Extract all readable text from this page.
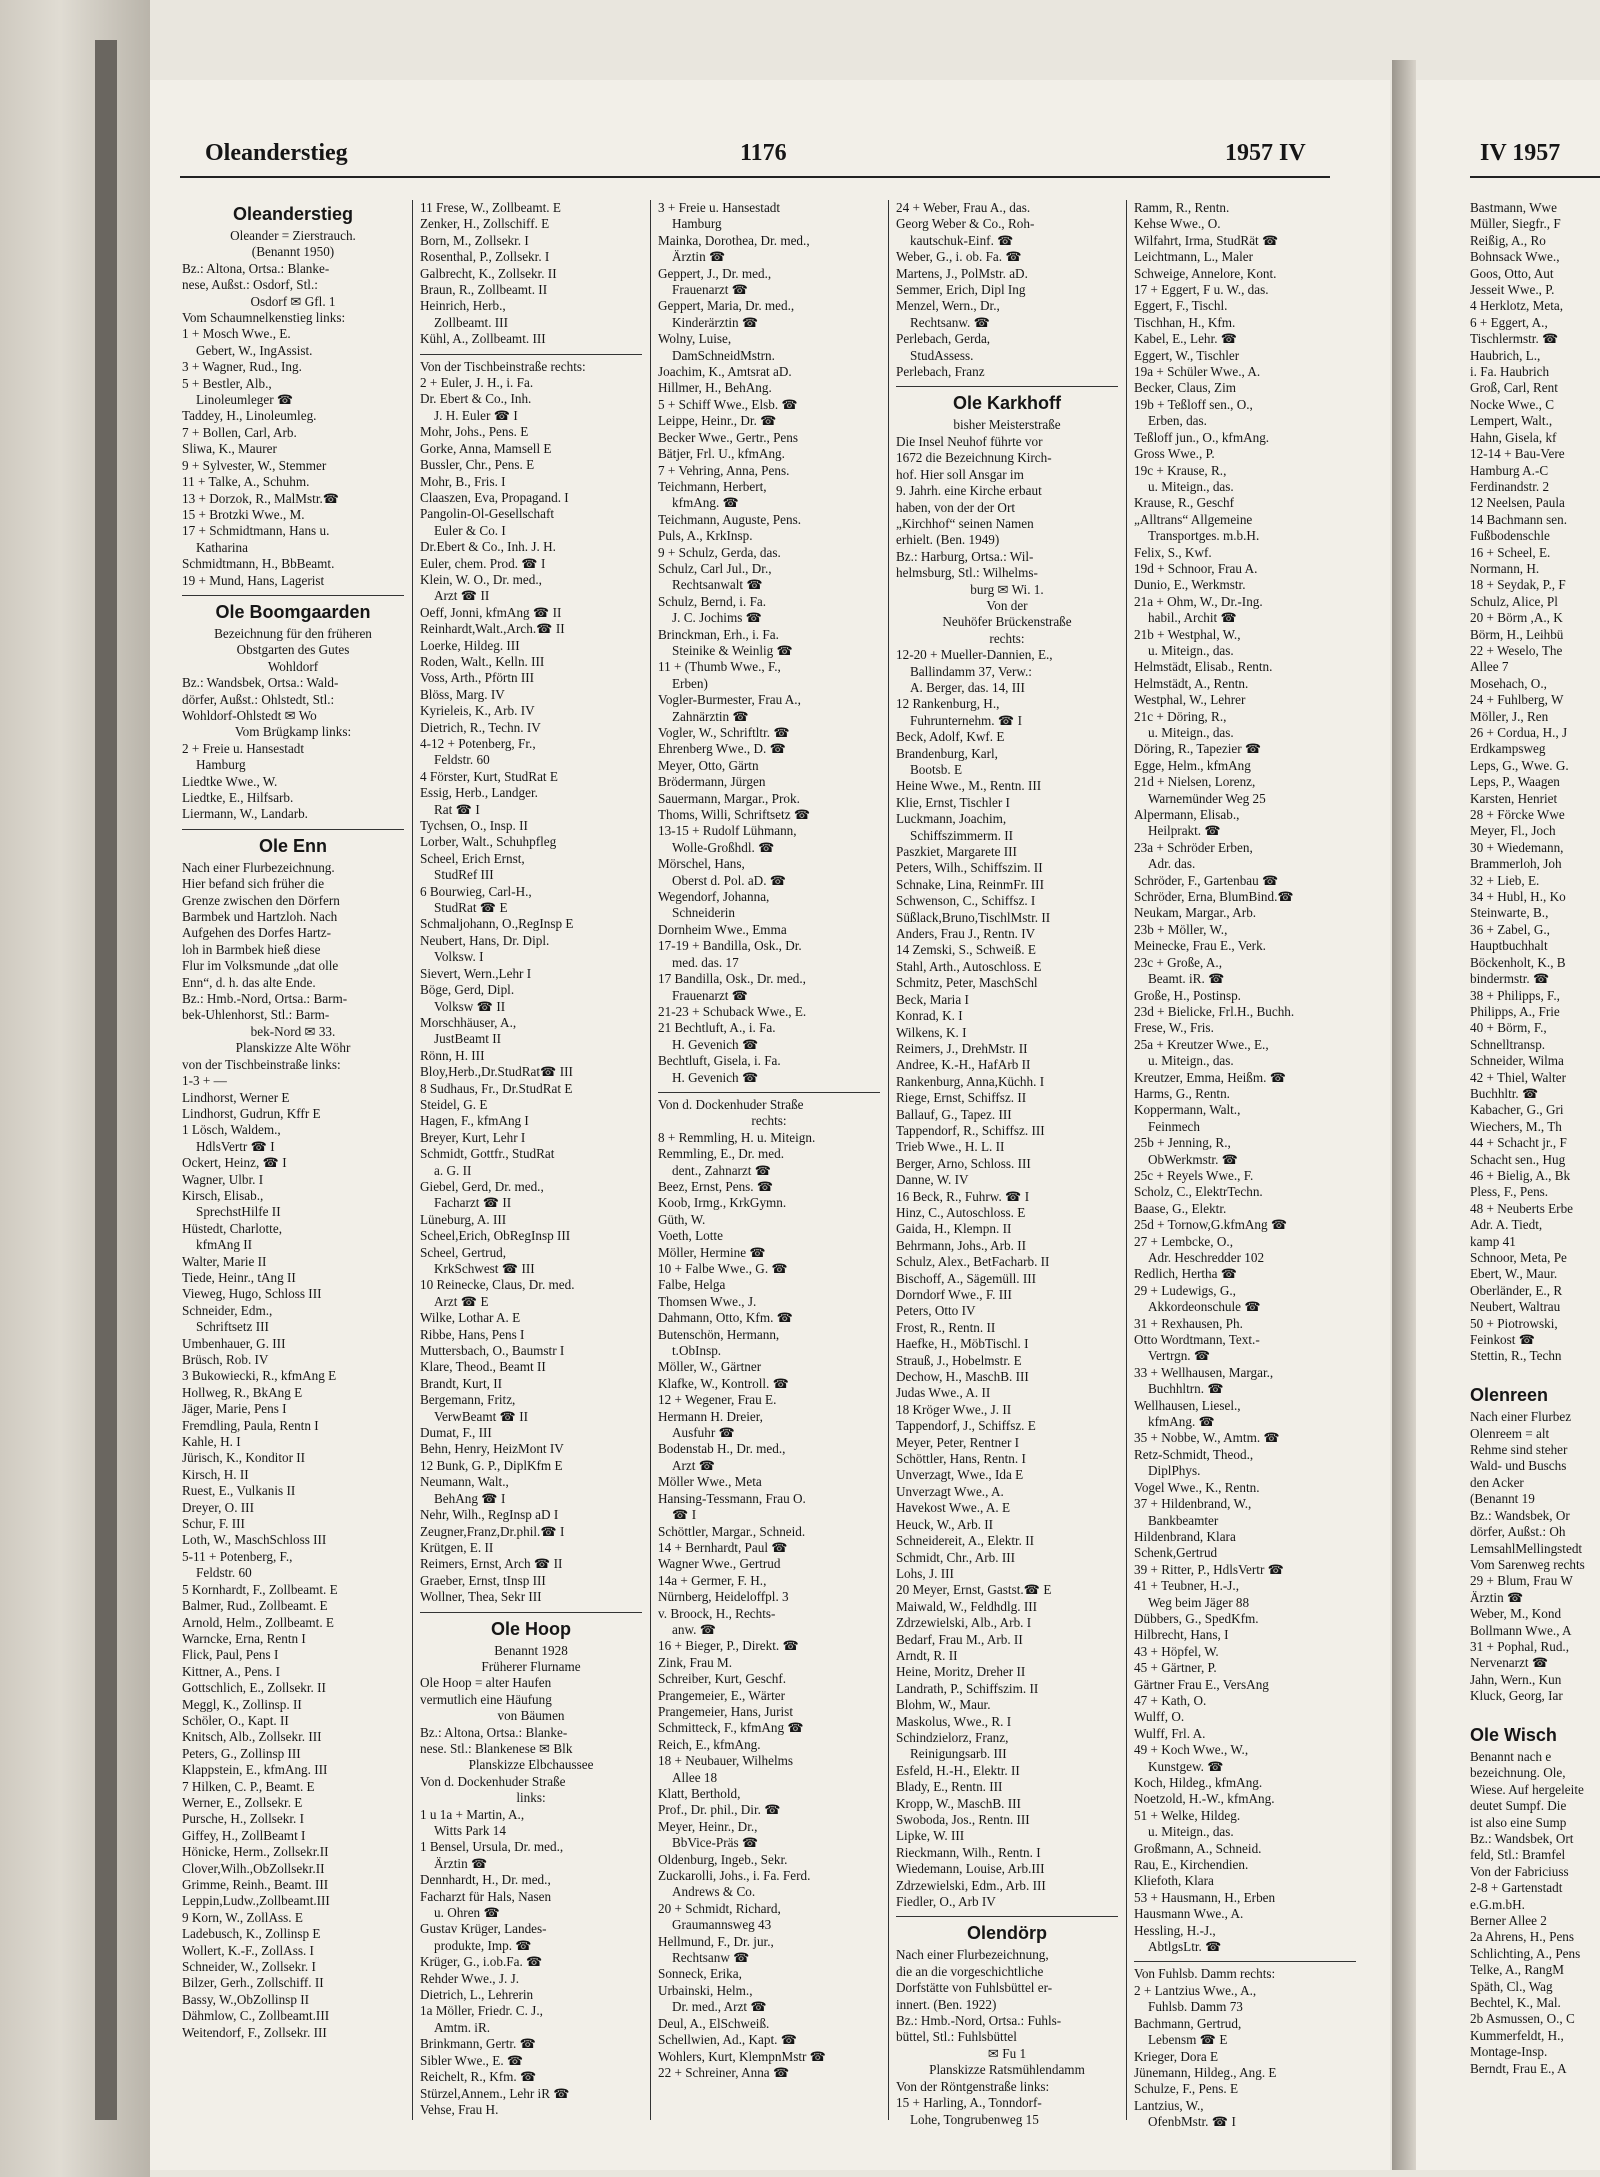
Oleanderstieg	1176	1957 IV	IV 1957
Oleanderstieg
Oleander = Zierstrauch.
(Benannt 1950)
Bz.: Altona, Ortsa.: Blanke-
nese, Außst.: Osdorf, Stl.:
Osdorf ✉ Gfl. 1
Vom Schaumnelkenstieg links:
1 + Mosch Wwe., E.
Gebert, W., IngAssist.
3 + Wagner, Rud., Ing.
5 + Bestler, Alb.,
Linoleumleger ☎
Taddey, H., Linoleumleg.
7 + Bollen, Carl, Arb.
Sliwa, K., Maurer
9 + Sylvester, W., Stemmer
11 + Talke, A., Schuhm.
13 + Dorzok, R., MalMstr.☎
15 + Brotzki Wwe., M.
17 + Schmidtmann, Hans u.
Katharina
Schmidtmann, H., BbBeamt.
19 + Mund, Hans, Lagerist
Ole Boomgaarden
Bezeichnung für den früheren
Obstgarten des Gutes
Wohldorf
Bz.: Wandsbek, Ortsa.: Wald-
dörfer, Außst.: Ohlstedt, Stl.:
Wohldorf-Ohlstedt ✉ Wo
Vom Brügkamp links:
2 + Freie u. Hansestadt
Hamburg
Liedtke Wwe., W.
Liedtke, E., Hilfsarb.
Liermann, W., Landarb.
Ole Enn
Nach einer Flurbezeichnung.
Hier befand sich früher die
Grenze zwischen den Dörfern
Barmbek und Hartzloh. Nach
Aufgehen des Dorfes Hartz-
loh in Barmbek hieß diese
Flur im Volksmunde „dat olle
Enn“, d. h. das alte Ende.
Bz.: Hmb.-Nord, Ortsa.: Barm-
bek-Uhlenhorst, Stl.: Barm-
bek-Nord ✉ 33.
Planskizze Alte Wöhr
von der Tischbeinstraße links:
1-3 + —
Lindhorst, Werner E
Lindhorst, Gudrun, Kffr E
1 Lösch, Waldem.,
HdlsVertr ☎ I
Ockert, Heinz, ☎ I
Wagner, Ulbr. I
Kirsch, Elisab.,
SprechstHilfe II
Hüstedt, Charlotte,
kfmAng II
Walter, Marie II
Tiede, Heinr., tAng II
Vieweg, Hugo, Schloss III
Schneider, Edm.,
Schriftsetz III
Umbenhauer, G. III
Brüsch, Rob. IV
3 Bukowiecki, R., kfmAng E
Hollweg, R., BkAng E
Jäger, Marie, Pens I
Fremdling, Paula, Rentn I
Kahle, H. I
Jürisch, K., Konditor II
Kirsch, H. II
Ruest, E., Vulkanis II
Dreyer, O. III
Schur, F. III
Loth, W., MaschSchloss III
5-11 + Potenberg, F.,
Feldstr. 60
5 Kornhardt, F., Zollbeamt. E
Balmer, Rud., Zollbeamt. E
Arnold, Helm., Zollbeamt. E
Warncke, Erna, Rentn I
Flick, Paul, Pens I
Kittner, A., Pens. I
Gottschlich, E., Zollsekr. II
Meggl, K., Zollinsp. II
Schöler, O., Kapt. II
Knitsch, Alb., Zollsekr. III
Peters, G., Zollinsp III
Klappstein, E., kfmAng. III
7 Hilken, C. P., Beamt. E
Werner, E., Zollsekr. E
Pursche, H., Zollsekr. I
Giffey, H., ZollBeamt I
Hönicke, Herm., Zollsekr.II
Clover,Wilh.,ObZollsekr.II
Grimme, Reinh., Beamt. III
Leppin,Ludw.,Zollbeamt.III
9 Korn, W., ZollAss. E
Ladebusch, K., Zollinsp E
Wollert, K.-F., ZollAss. I
Schneider, W., Zollsekr. I
Bilzer, Gerh., Zollschiff. II
Bassy, W.,ObZollinsp II
Dähmlow, C., Zollbeamt.III
Weitendorf, F., Zollsekr. III
11 Frese, W., Zollbeamt. E
Zenker, H., Zollschiff. E
Born, M., Zollsekr. I
Rosenthal, P., Zollsekr. I
Galbrecht, K., Zollsekr. II
Braun, R., Zollbeamt. II
Heinrich, Herb.,
Zollbeamt. III
Kühl, A., Zollbeamt. III
Von der Tischbeinstraße rechts:
2 + Euler, J. H., i. Fa.
Dr. Ebert & Co., Inh.
J. H. Euler ☎ I
Mohr, Johs., Pens. E
Gorke, Anna, Mamsell E
Bussler, Chr., Pens. E
Mohr, B., Fris. I
Claaszen, Eva, Propagand. I
Pangolin-Ol-Gesellschaft
Euler & Co. I
Dr.Ebert & Co., Inh. J. H.
Euler, chem. Prod. ☎ I
Klein, W. O., Dr. med.,
Arzt ☎ II
Oeff, Jonni, kfmAng ☎ II
Reinhardt,Walt.,Arch.☎ II
Loerke, Hildeg. III
Roden, Walt., Kelln. III
Voss, Arth., Pförtn III
Blöss, Marg. IV
Kyrieleis, K., Arb. IV
Dietrich, R., Techn. IV
4-12 + Potenberg, Fr.,
Feldstr. 60
4 Förster, Kurt, StudRat E
Essig, Herb., Landger.
Rat ☎ I
Tychsen, O., Insp. II
Lorber, Walt., Schuhpfleg
Scheel, Erich Ernst,
StudRef III
6 Bourwieg, Carl-H.,
StudRat ☎ E
Schmaljohann, O.,RegInsp E
Neubert, Hans, Dr. Dipl.
Volksw. I
Sievert, Wern.,Lehr I
Böge, Gerd, Dipl.
Volksw ☎ II
Morschhäuser, A.,
JustBeamt II
Rönn, H. III
Bloy,Herb.,Dr.StudRat☎ III
8 Sudhaus, Fr., Dr.StudRat E
Steidel, G. E
Hagen, F., kfmAng I
Breyer, Kurt, Lehr I
Schmidt, Gottfr., StudRat
a. G. II
Giebel, Gerd, Dr. med.,
Facharzt ☎ II
Lüneburg, A. III
Scheel,Erich, ObRegInsp III
Scheel, Gertrud,
KrkSchwest ☎ III
10 Reinecke, Claus, Dr. med.
Arzt ☎ E
Wilke, Lothar A. E
Ribbe, Hans, Pens I
Muttersbach, O., Baumstr I
Klare, Theod., Beamt II
Brandt, Kurt, II
Bergemann, Fritz,
VerwBeamt ☎ II
Dumat, F., III
Behn, Henry, HeizMont IV
12 Bunk, G. P., DiplKfm E
Neumann, Walt.,
BehAng ☎ I
Nehr, Wilh., RegInsp aD I
Zeugner,Franz,Dr.phil.☎ I
Krütgen, E. II
Reimers, Ernst, Arch ☎ II
Graeber, Ernst, tInsp III
Wollner, Thea, Sekr III
Ole Hoop
Benannt 1928
Früherer Flurname
Ole Hoop = alter Haufen
vermutlich eine Häufung
von Bäumen
Bz.: Altona, Ortsa.: Blanke-
nese. Stl.: Blankenese ✉ Blk
Planskizze Elbchaussee
Von d. Dockenhuder Straße
links:
1 u 1a + Martin, A.,
Witts Park 14
1 Bensel, Ursula, Dr. med.,
Ärztin ☎
Dennhardt, H., Dr. med.,
Facharzt für Hals, Nasen
u. Ohren ☎
Gustav Krüger, Landes-
produkte, Imp. ☎
Krüger, G., i.ob.Fa. ☎
Rehder Wwe., J. J.
Dietrich, L., Lehrerin
1a Möller, Friedr. C. J.,
Amtm. iR.
Brinkmann, Gertr. ☎
Sibler Wwe., E. ☎
Reichelt, R., Kfm. ☎
Stürzel,Annem., Lehr iR ☎
Vehse, Frau H.
3 + Freie u. Hansestadt
Hamburg
Mainka, Dorothea, Dr. med.,
Ärztin ☎
Geppert, J., Dr. med.,
Frauenarzt ☎
Geppert, Maria, Dr. med.,
Kinderärztin ☎
Wolny, Luise,
DamSchneidMstrn.
Joachim, K., Amtsrat aD.
Hillmer, H., BehAng.
5 + Schiff Wwe., Elsb. ☎
Leippe, Heinr., Dr. ☎
Becker Wwe., Gertr., Pens
Bätjer, Frl. U., kfmAng.
7 + Vehring, Anna, Pens.
Teichmann, Herbert,
kfmAng. ☎
Teichmann, Auguste, Pens.
Puls, A., KrkInsp.
9 + Schulz, Gerda, das.
Schulz, Carl Jul., Dr.,
Rechtsanwalt ☎
Schulz, Bernd, i. Fa.
J. C. Jochims ☎
Brinckman, Erh., i. Fa.
Steinike & Weinlig ☎
11 + (Thumb Wwe., F.,
Erben)
Vogler-Burmester, Frau A.,
Zahnärztin ☎
Vogler, W., Schriftltr. ☎
Ehrenberg Wwe., D. ☎
Meyer, Otto, Gärtn
Brödermann, Jürgen
Sauermann, Margar., Prok.
Thoms, Willi, Schriftsetz ☎
13-15 + Rudolf Lühmann,
Wolle-Großhdl. ☎
Mörschel, Hans,
Oberst d. Pol. aD. ☎
Wegendorf, Johanna,
Schneiderin
Dornheim Wwe., Emma
17-19 + Bandilla, Osk., Dr.
med. das. 17
17 Bandilla, Osk., Dr. med.,
Frauenarzt ☎
21-23 + Schuback Wwe., E.
21 Bechtluft, A., i. Fa.
H. Gevenich ☎
Bechtluft, Gisela, i. Fa.
H. Gevenich ☎
Von d. Dockenhuder Straße
rechts:
8 + Remmling, H. u. Miteign.
Remmling, E., Dr. med.
dent., Zahnarzt ☎
Beez, Ernst, Pens. ☎
Koob, Irmg., KrkGymn.
Güth, W.
Voeth, Lotte
Möller, Hermine ☎
10 + Falbe Wwe., G. ☎
Falbe, Helga
Thomsen Wwe., J.
Dahmann, Otto, Kfm. ☎
Butenschön, Hermann,
t.ObInsp.
Möller, W., Gärtner
Klafke, W., Kontroll. ☎
12 + Wegener, Frau E.
Hermann H. Dreier,
Ausfuhr ☎
Bodenstab H., Dr. med.,
Arzt ☎
Möller Wwe., Meta
Hansing-Tessmann, Frau O.
☎ I
Schöttler, Margar., Schneid.
14 + Bernhardt, Paul ☎
Wagner Wwe., Gertrud
14a + Germer, F. H.,
Nürnberg, Heideloffpl. 3
v. Broock, H., Rechts-
anw. ☎
16 + Bieger, P., Direkt. ☎
Zink, Frau M.
Schreiber, Kurt, Geschf.
Prangemeier, E., Wärter
Prangemeier, Hans, Jurist
Schmitteck, F., kfmAng ☎
Reich, E., kfmAng.
18 + Neubauer, Wilhelms
Allee 18
Klatt, Berthold,
Prof., Dr. phil., Dir. ☎
Meyer, Heinr., Dr.,
BbVice-Präs ☎
Oldenburg, Ingeb., Sekr.
Zuckarolli, Johs., i. Fa. Ferd.
Andrews & Co.
20 + Schmidt, Richard,
Graumannsweg 43
Hellmund, F., Dr. jur.,
Rechtsanw ☎
Sonneck, Erika,
Urbainski, Helm.,
Dr. med., Arzt ☎
Deul, A., ElSchweiß.
Schellwien, Ad., Kapt. ☎
Wohlers, Kurt, KlempnMstr ☎
22 + Schreiner, Anna ☎
24 + Weber, Frau A., das.
Georg Weber & Co., Roh-
kautschuk-Einf. ☎
Weber, G., i. ob. Fa. ☎
Martens, J., PolMstr. aD.
Semmer, Erich, Dipl Ing
Menzel, Wern., Dr.,
Rechtsanw. ☎
Perlebach, Gerda,
StudAssess.
Perlebach, Franz
Ole Karkhoff
bisher Meisterstraße
Die Insel Neuhof führte vor
1672 die Bezeichnung Kirch-
hof. Hier soll Ansgar im
9. Jahrh. eine Kirche erbaut
haben, von der der Ort
„Kirchhof“ seinen Namen
erhielt. (Ben. 1949)
Bz.: Harburg, Ortsa.: Wil-
helmsburg, Stl.: Wilhelms-
burg ✉ Wi. 1.
Von der
Neuhöfer Brückenstraße
rechts:
12-20 + Mueller-Dannien, E.,
Ballindamm 37, Verw.:
A. Berger, das. 14, III
12 Rankenburg, H.,
Fuhrunternehm. ☎ I
Beck, Adolf, Kwf. E
Brandenburg, Karl,
Bootsb. E
Heine Wwe., M., Rentn. III
Klie, Ernst, Tischler I
Luckmann, Joachim,
Schiffszimmerm. II
Paszkiet, Margarete III
Peters, Wilh., Schiffszim. II
Schnake, Lina, ReinmFr. III
Schwenson, C., Schiffsz. I
Süßlack,Bruno,TischlMstr. II
Anders, Frau J., Rentn. IV
14 Zemski, S., Schweiß. E
Stahl, Arth., Autoschloss. E
Schmitz, Peter, MaschSchl
Beck, Maria I
Konrad, K. I
Wilkens, K. I
Reimers, J., DrehMstr. II
Andree, K.-H., HafArb II
Rankenburg, Anna,Küchh. I
Riege, Ernst, Schiffsz. II
Ballauf, G., Tapez. III
Tappendorf, R., Schiffsz. III
Trieb Wwe., H. L. II
Berger, Arno, Schloss. III
Danne, W. IV
16 Beck, R., Fuhrw. ☎ I
Hinz, C., Autoschloss. E
Gaida, H., Klempn. II
Behrmann, Johs., Arb. II
Schulz, Alex., BetFacharb. II
Bischoff, A., Sägemüll. III
Dorndorf Wwe., F. III
Peters, Otto IV
Frost, R., Rentn. II
Haefke, H., MöbTischl. I
Strauß, J., Hobelmstr. E
Dechow, H., MaschB. III
Judas Wwe., A. II
18 Kröger Wwe., J. II
Tappendorf, J., Schiffsz. E
Meyer, Peter, Rentner I
Schöttler, Hans, Rentn. I
Unverzagt, Wwe., Ida E
Unverzagt Wwe., A.
Havekost Wwe., A. E
Heuck, W., Arb. II
Schneidereit, A., Elektr. II
Schmidt, Chr., Arb. III
Lohs, J. III
20 Meyer, Ernst, Gastst.☎ E
Maiwald, W., Feldhdlg. III
Zdrzewielski, Alb., Arb. I
Bedarf, Frau M., Arb. II
Arndt, R. II
Heine, Moritz, Dreher II
Landrath, P., Schiffszim. II
Blohm, W., Maur.
Maskolus, Wwe., R. I
Schindzielorz, Franz,
Reinigungsarb. III
Esfeld, H.-H., Elektr. II
Blady, E., Rentn. III
Kropp, W., MaschB. III
Swoboda, Jos., Rentn. III
Lipke, W. III
Rieckmann, Wilh., Rentn. I
Wiedemann, Louise, Arb.III
Zdrzewielski, Edm., Arb. III
Fiedler, O., Arb IV
Olendörp
Nach einer Flurbezeichnung,
die an die vorgeschichtliche
Dorfstätte von Fuhlsbüttel er-
innert. (Ben. 1922)
Bz.: Hmb.-Nord, Ortsa.: Fuhls-
büttel, Stl.: Fuhlsbüttel
✉ Fu 1
Planskizze Ratsmühlendamm
Von der Röntgenstraße links:
15 + Harling, A., Tonndorf-
Lohe, Tongrubenweg 15
Ramm, R., Rentn.
Kehse Wwe., O.
Wilfahrt, Irma, StudRät ☎
Leichtmann, L., Maler
Schweige, Annelore, Kont.
17 + Eggert, F u. W., das.
Eggert, F., Tischl.
Tischhan, H., Kfm.
Kabel, E., Lehr. ☎
Eggert, W., Tischler
19a + Schüler Wwe., A.
Becker, Claus, Zim
19b + Teßloff sen., O.,
Erben, das.
Teßloff jun., O., kfmAng.
Gross Wwe., P.
19c + Krause, R.,
u. Miteign., das.
Krause, R., Geschf
„Alltrans“ Allgemeine
Transportges. m.b.H.
Felix, S., Kwf.
19d + Schnoor, Frau A.
Dunio, E., Werkmstr.
21a + Ohm, W., Dr.-Ing.
habil., Archit ☎
21b + Westphal, W.,
u. Miteign., das.
Helmstädt, Elisab., Rentn.
Helmstädt, A., Rentn.
Westphal, W., Lehrer
21c + Döring, R.,
u. Miteign., das.
Döring, R., Tapezier ☎
Egge, Helm., kfmAng
21d + Nielsen, Lorenz,
Warnemünder Weg 25
Alpermann, Elisab.,
Heilprakt. ☎
23a + Schröder Erben,
Adr. das.
Schröder, F., Gartenbau ☎
Schröder, Erna, BlumBind.☎
Neukam, Margar., Arb.
23b + Möller, W.,
Meinecke, Frau E., Verk.
23c + Große, A.,
Beamt. iR. ☎
Große, H., Postinsp.
23d + Bielicke, Frl.H., Buchh.
Frese, W., Fris.
25a + Kreutzer Wwe., E.,
u. Miteign., das.
Kreutzer, Emma, Heißm. ☎
Harms, G., Rentn.
Koppermann, Walt.,
Feinmech
25b + Jenning, R.,
ObWerkmstr. ☎
25c + Reyels Wwe., F.
Scholz, C., ElektrTechn.
Baase, G., Elektr.
25d + Tornow,G.kfmAng ☎
27 + Lembcke, O.,
Adr. Heschredder 102
Redlich, Hertha ☎
29 + Ludewigs, G.,
Akkordeonschule ☎
31 + Rexhausen, Ph.
Otto Wordtmann, Text.-
Vertrgn. ☎
33 + Wellhausen, Margar.,
Buchhltrn. ☎
Wellhausen, Liesel.,
kfmAng. ☎
35 + Nobbe, W., Amtm. ☎
Retz-Schmidt, Theod.,
DiplPhys.
Vogel Wwe., K., Rentn.
37 + Hildenbrand, W.,
Bankbeamter
Hildenbrand, Klara
Schenk,Gertrud
39 + Ritter, P., HdlsVertr ☎
41 + Teubner, H.-J.,
Weg beim Jäger 88
Dübbers, G., SpedKfm.
Hilbrecht, Hans, I
43 + Höpfel, W.
45 + Gärtner, P.
Gärtner Frau E., VersAng
47 + Kath, O.
Wulff, O.
Wulff, Frl. A.
49 + Koch Wwe., W.,
Kunstgew. ☎
Koch, Hildeg., kfmAng.
Noetzold, H.-W., kfmAng.
51 + Welke, Hildeg.
u. Miteign., das.
Großmann, A., Schneid.
Rau, E., Kirchendien.
Kliefoth, Klara
53 + Hausmann, H., Erben
Hausmann Wwe., A.
Hessling, H.-J.,
AbtlgsLtr. ☎
Von Fuhlsb. Damm rechts:
2 + Lantzius Wwe., A.,
Fuhlsb. Damm 73
Bachmann, Gertrud,
Lebensm ☎ E
Krieger, Dora E
Jünemann, Hildeg., Ang. E
Schulze, F., Pens. E
Lantzius, W.,
OfenbMstr. ☎ I
Bastmann, Wwe
Müller, Siegfr., F
Reißig, A., Ro
Bohnsack Wwe.,
Goos, Otto, Aut
Jesseit Wwe., P.
4 Herklotz, Meta,
6 + Eggert, A.,
Tischlermstr. ☎
Haubrich, L.,
i. Fa. Haubrich
Groß, Carl, Rent
Nocke Wwe., C
Lempert, Walt.,
Hahn, Gisela, kf
12-14 + Bau-Vere
Hamburg A.-C
Ferdinandstr. 2
12 Neelsen, Paula
14 Bachmann sen.
Fußbodenschle
16 + Scheel, E.
Normann, H.
18 + Seydak, P., F
Schulz, Alice, Pl
20 + Börm ,A., K
Börm, H., Leihbü
22 + Weselo, The
Allee 7
Mosehach, O.,
24 + Fuhlberg, W
Möller, J., Ren
26 + Cordua, H., J
Erdkampsweg
Leps, G., Wwe. G.
Leps, P., Waagen
Karsten, Henriet
28 + Förcke Wwe
Meyer, Fl., Joch
30 + Wiedemann,
Brammerloh, Joh
32 + Lieb, E.
34 + Hubl, H., Ko
Steinwarte, B.,
36 + Zabel, G.,
Hauptbuchhalt
Böckenholt, K., B
bindermstr. ☎
38 + Philipps, F.,
Philipps, A., Frie
40 + Börm, F.,
Schnelltransp.
Schneider, Wilma
42 + Thiel, Walter
Buchhltr. ☎
Kabacher, G., Gri
Wiechers, M., Th
44 + Schacht jr., F
Schacht sen., Hug
46 + Bielig, A., Bk
Pless, F., Pens.
48 + Neuberts Erbe
Adr. A. Tiedt,
kamp 41
Schnoor, Meta, Pe
Ebert, W., Maur.
Oberländer, E., R
Neubert, Waltrau
50 + Piotrowski,
Feinkost ☎
Stettin, R., Techn

Olenreen
Nach einer Flurbez
Olenreem = alt
Rehme sind steher
Wald- und Buschs
den Acker
(Benannt 19
Bz.: Wandsbek, Or
dörfer, Außst.: Oh
LemsahlMellingstedt
Vom Sarenweg rechts
29 + Blum, Frau W
Ärztin ☎
Weber, M., Kond
Bollmann Wwe., A
31 + Pophal, Rud.,
Nervenarzt ☎
Jahn, Wern., Kun
Kluck, Georg, Iar

Ole Wisch
Benannt nach e
bezeichnung. Ole,
Wiese. Auf hergeleite
deutet Sumpf. Die
ist also eine Sump
Bz.: Wandsbek, Ort
feld, Stl.: Bramfel
Von der Fabriciuss
2-8 + Gartenstadt
e.G.m.bH.
Berner Allee 2
2a Ahrens, H., Pens
Schlichting, A., Pens
Telke, A., RangM
Späth, Cl., Wag
Bechtel, K., Mal.
2b Asmussen, O., C
Kummerfeldt, H.,
Montage-Insp.
Berndt, Frau E., A
